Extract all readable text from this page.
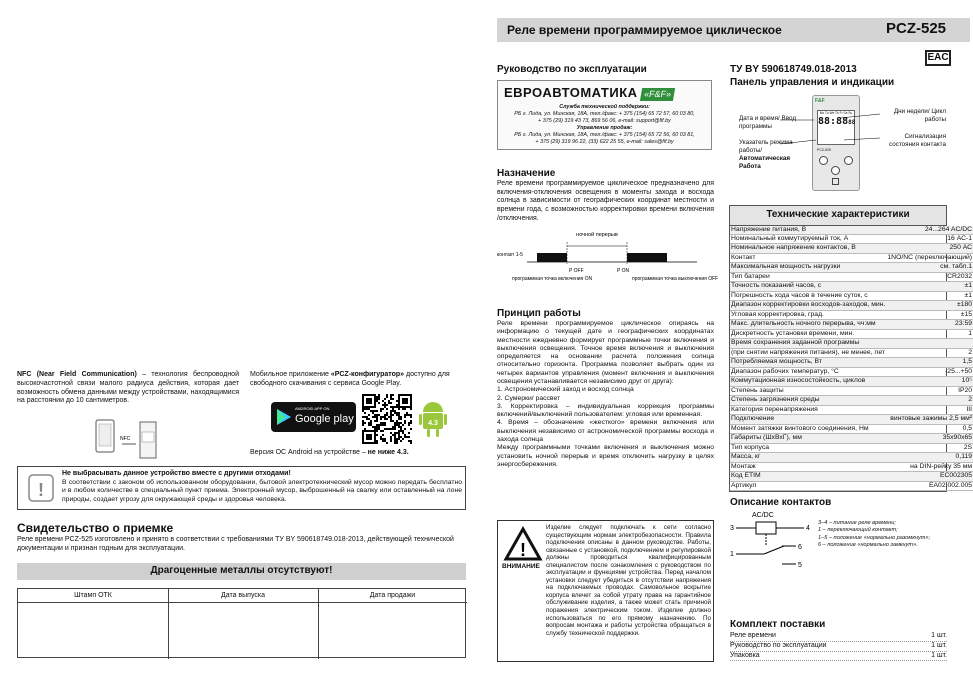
Реле времени программируемое циклическое	PCZ-525
EAC
Руководство по эксплуатации
ЕВРОАВТОМАТИКА «F&F»
Служба технической поддержки:
РБ г. Лида, ул. Минская, 18А, тел./факс: + 375 (154) 65 72 57, 60 03 80,
+ 375 (29) 319 43 73, 869 56 06, e-mail: support@fif.by
Управление продаж:
РБ г. Лида, ул. Минская, 18А, тел./факс: + 375 (154) 65 72 56, 60 03 81,
+ 375 (29) 319 96 22, (33) 622 25 55, e-mail: sales@fif.by
Назначение
Реле времени программируемое циклическое предназначено для включения-отключения освещения в моменты захода и восхода солнца в зависимости от географических координат местности и времени года, с возможностью корректировки времени включения /отключения.
ночной перерыв
контакт 1-5
P OFF	P ON
программная точка включения ON	программная точка выключения OFF
Принцип работы
Реле времени программируемое циклическое опираясь на информацию о текущей дате и географических координатах местности ежедневно формирует программные точки включения и выключения освещения. Точное время включения и выключения определяется на основании расчета положения солнца относительно горизонта. Программа позволяет выбрать один из четырех вариантов управления (момент включения и выключения освещения устанавливается независимо друг от друга):
1. Астрономический заход и восход солнца
2. Сумерки/ рассвет
3. Корректировка – индивидуальная коррекция программы включений/выключений пользователем: угловая или временная.
4. Время – обозначение «жесткого» времени включения или выключения независимо от астрономической программы восхода и захода солнца
Между программными точками включения и выключения можно установить ночной перерыв и время отключить нагрузку в целях энергосбережения.
!
ВНИМАНИЕ
Изделие следует подключать к сети согласно существующим нормам электробезопасности. Правила подключения описаны в данном руководстве. Работы, связанные с установкой, подключением и регулировкой должны проводиться квалифицированным специалистом после ознакомления с руководством по эксплуатации и функциями устройства. Перед началом установки следует убедиться в отсутствии напряжения на подключаемых проводах. Самовольное вскрытие корпуса влечет за собой утрату права на гарантийное обслуживание изделия, а также может стать причиной поражения электрическим током. Изделие должно использоваться по его прямому назначению. По вопросам монтажа и работы устройства обращаться в службу технической поддержки.
ТУ BY 590618749.018-2013
Панель управления и индикации
Дата и время/ Ввод программы
Указатель режима работы/
Автоматическая Работа
Дни недели/ Цикл работы
Сигнализация состояния контакта
F&F
Mo Tu We Th Fr Sa Su
88:8888
PCZ-525
Технические характеристики
Напряжение питания, В	24...264 AC/DC
Номинальный коммутируемый ток, А	16 АС-1
Номинальное напряжение контактов, В	250 АС
Контакт	1NO/NC (переключающий)
Максимальная мощность нагрузки	см. табл.1
Тип батареи	CR2032
Точность показаний часов, с	±1
Погрешность хода часов в течение суток, с	±1
Диапазон корректировки восходов-заходов, мин.	±180
Угловая корректировка, град.	±15
Макс. длительность ночного перерыва, чч:мм	23:59
Дискретность установки времени, мин.	1
Время сохранения заданной программы	
(при снятии напряжения питания), не менее, лет	2
Потребляемая мощность, Вт	1,5
Диапазон рабочих температур, °С	-25...+50
Коммутационная износостойкость, циклов	10⁵
Степень защиты	IP20
Степень загрязнения среды	2
Категория перенапряжения	III
Подключение	винтовые зажимы 2,5 мм²
Момент затяжки винтового соединения, Нм	0,5
Габариты (ШхВхГ), мм	35х90х65
Тип корпуса	2S
Масса, кг	0,119
Монтаж	на DIN-рейку 35 мм
Код ETIM	EC002305
Артикул	EA02.002.005
Описание контактов
AC/DC
3	4
1
6
5
3–4 – питание реле времени;
1 – переключающий контакт;
1–5 – положение «нормально разомкнут»;
6 – положение «нормально замкнут».
Комплект поставки
Реле времени	1 шт.
Руководство по эксплуатации	1 шт.
Упаковка	1 шт.
NFC (Near Field Communication) – технология беспроводной высокочастотной связи малого радиуса действия, которая дает возможность обмена данными между устройствами, находящимися на расстоянии до 10 сантиметров.
NFC
Мобильное приложение «PCZ-конфигуратор» доступно для свободного скачивания с сервиса Google Play.
ANDROID APP ON
Google play	4.3
Версия ОС Android на устройстве – не ниже 4.3.
!
Не выбрасывать данное устройство вместе с другими отходами!
В соответствии с законом об использованном оборудовании, бытовой электротехнический мусор можно передать бесплатно и в любом количестве в специальный пункт приема. Электронный мусор, выброшенный на свалку или оставленный на лоне природы, создает угрозу для окружающей среды и здоровья человека.
Свидетельство о приемке
Реле времени PCZ-525 изготовлено и принято в соответствии с требованиями ТУ BY 590618749.018-2013, действующей технической документации и признан годным для эксплуатации.
Драгоценные металлы отсутствуют!
Штамп ОТК	Дата выпуска	Дата продажи
